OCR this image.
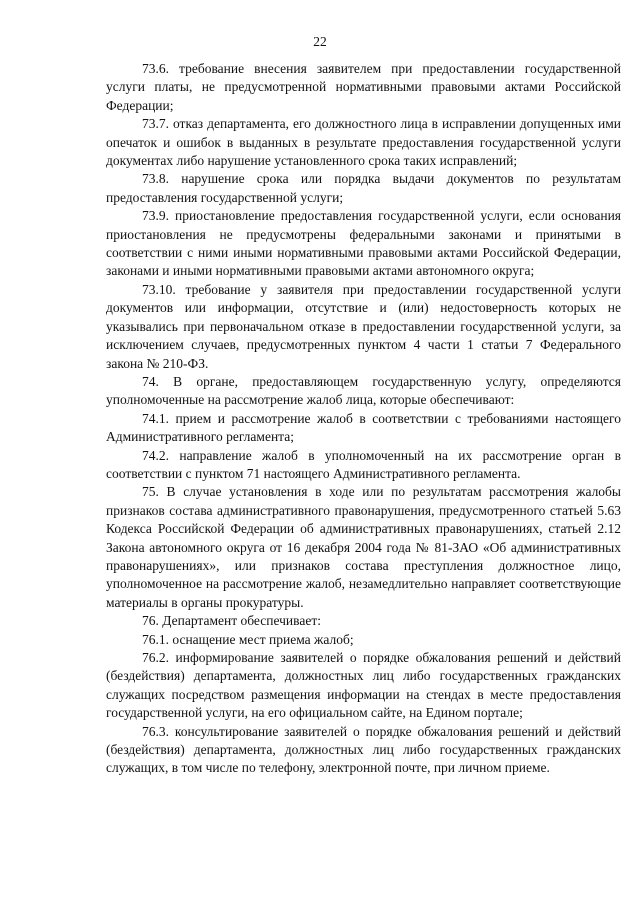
22

73.6. требование внесения заявителем при предоставлении государственной услуги платы, не предусмотренной нормативными правовыми актами Российской Федерации;

73.7. отказ департамента, его должностного лица в исправлении допущенных ими опечаток и ошибок в выданных в результате предоставления государственной услуги документах либо нарушение установленного срока таких исправлений;

73.8. нарушение срока или порядка выдачи документов по результатам предоставления государственной услуги;

73.9. приостановление предоставления государственной услуги, если основания приостановления не предусмотрены федеральными законами и принятыми в соответствии с ними иными нормативными правовыми актами Российской Федерации, законами и иными нормативными правовыми актами автономного округа;

73.10. требование у заявителя при предоставлении государственной услуги документов или информации, отсутствие и (или) недостоверность которых не указывались при первоначальном отказе в предоставлении государственной услуги, за исключением случаев, предусмотренных пунктом 4 части 1 статьи 7 Федерального закона № 210-ФЗ.

74. В органе, предоставляющем государственную услугу, определяются уполномоченные на рассмотрение жалоб лица, которые обеспечивают:

74.1. прием и рассмотрение жалоб в соответствии с требованиями настоящего Административного регламента;

74.2. направление жалоб в уполномоченный на их рассмотрение орган в соответствии с пунктом 71 настоящего Административного регламента.

75. В случае установления в ходе или по результатам рассмотрения жалобы признаков состава административного правонарушения, предусмотренного статьей 5.63 Кодекса Российской Федерации об административных правонарушениях, статьей 2.12 Закона автономного округа от 16 декабря 2004 года № 81-ЗАО «Об административных правонарушениях», или признаков состава преступления должностное лицо, уполномоченное на рассмотрение жалоб, незамедлительно направляет соответствующие материалы в органы прокуратуры.

76. Департамент обеспечивает:

76.1. оснащение мест приема жалоб;

76.2. информирование заявителей о порядке обжалования решений и действий (бездействия) департамента, должностных лиц либо государственных гражданских служащих посредством размещения информации на стендах в месте предоставления государственной услуги, на его официальном сайте, на Едином портале;

76.3. консультирование заявителей о порядке обжалования решений и действий (бездействия) департамента, должностных лиц либо государственных гражданских служащих, в том числе по телефону, электронной почте, при личном приеме.
